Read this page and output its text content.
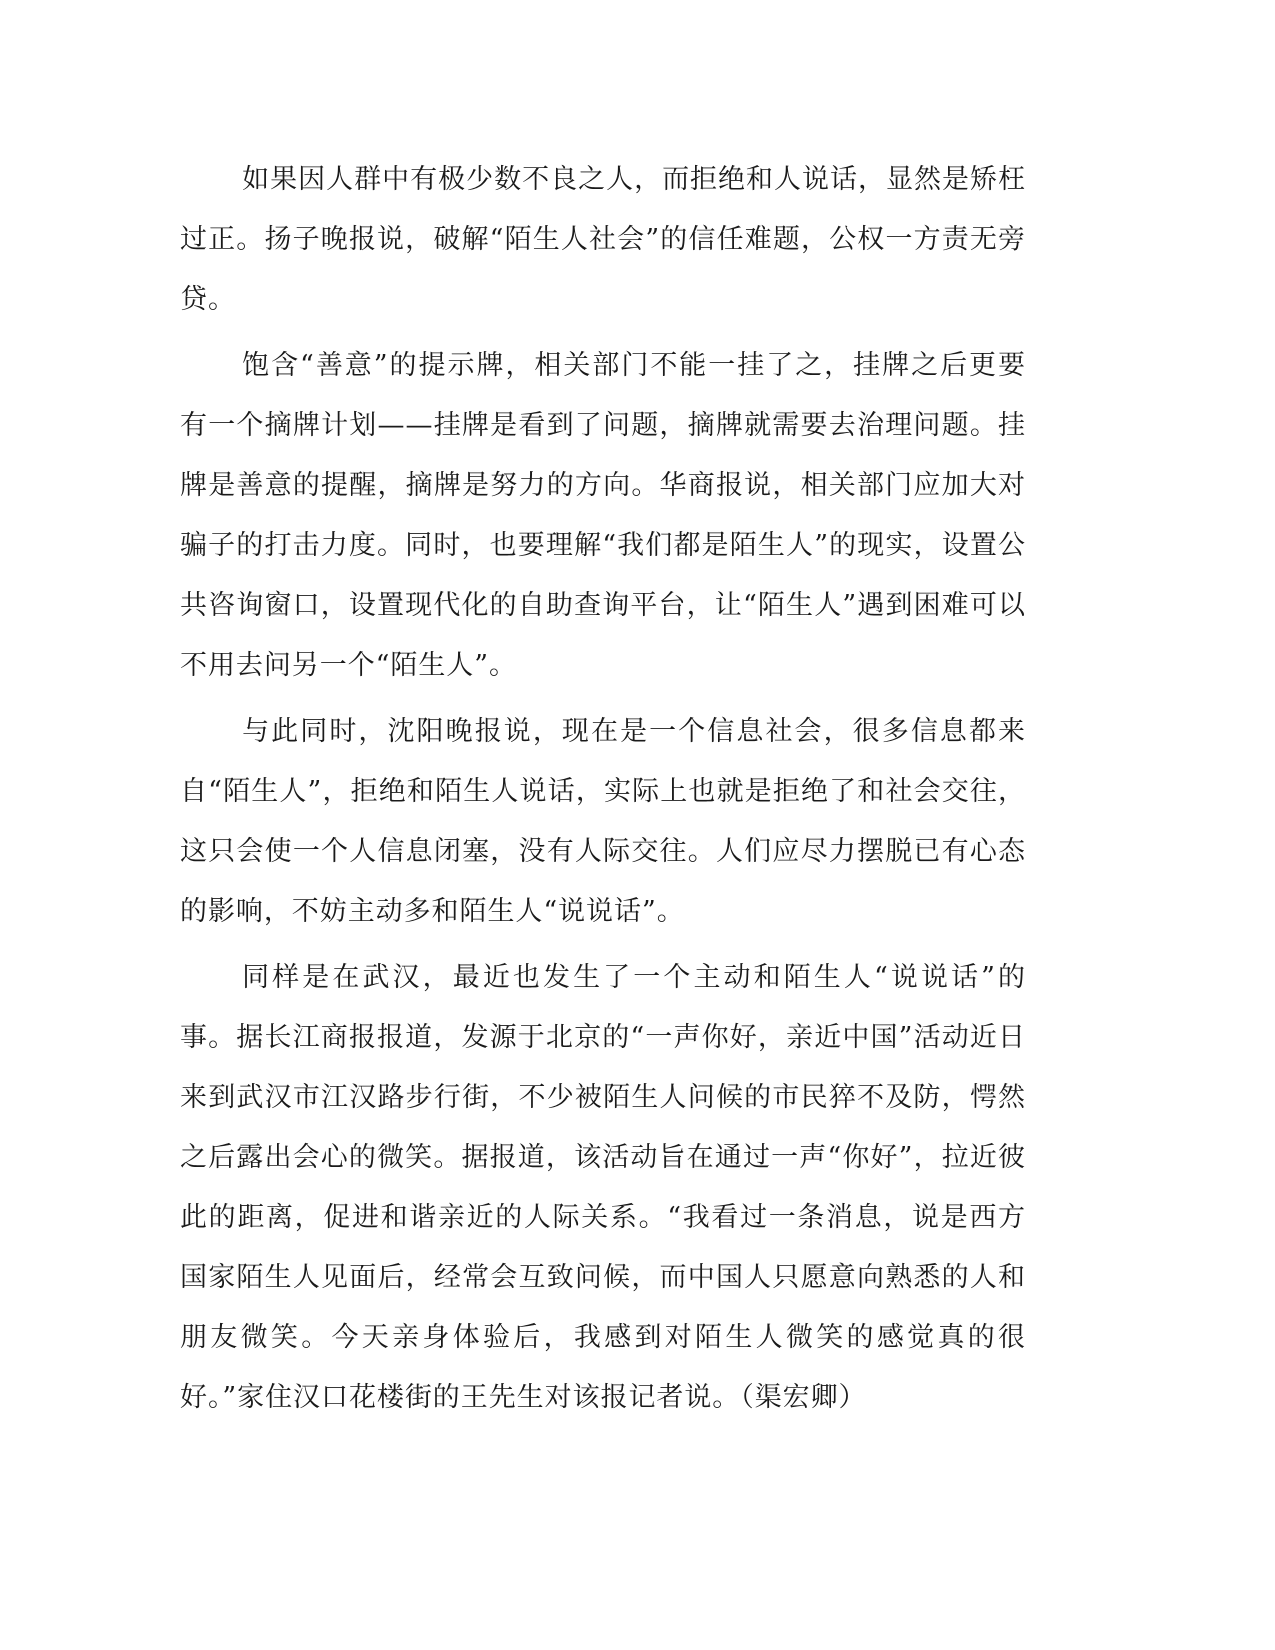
如果因人群中有极少数不良之人，而拒绝和人说话，显然是矫枉过正。扬子晚报说，破解“陌生人社会”的信任难题，公权一方责无旁贷。

饱含“善意”的提示牌，相关部门不能一挂了之，挂牌之后更要有一个摘牌计划——挂牌是看到了问题，摘牌就需要去治理问题。挂牌是善意的提醒，摘牌是努力的方向。华商报说，相关部门应加大对骗子的打击力度。同时，也要理解“我们都是陌生人”的现实，设置公共咨询窗口，设置现代化的自助查询平台，让“陌生人”遇到困难可以不用去问另一个“陌生人”。

与此同时，沈阳晚报说，现在是一个信息社会，很多信息都来自“陌生人”，拒绝和陌生人说话，实际上也就是拒绝了和社会交往，这只会使一个人信息闭塞，没有人际交往。人们应尽力摆脱已有心态的影响，不妨主动多和陌生人“说说话”。

同样是在武汉，最近也发生了一个主动和陌生人“说说话”的事。据长江商报报道，发源于北京的“一声你好，亲近中国”活动近日来到武汉市江汉路步行街，不少被陌生人问候的市民猝不及防，愕然之后露出会心的微笑。据报道，该活动旨在通过一声“你好”，拉近彼此的距离，促进和谐亲近的人际关系。“我看过一条消息，说是西方国家陌生人见面后，经常会互致问候，而中国人只愿意向熟悉的人和朋友微笑。今天亲身体验后，我感到对陌生人微笑的感觉真的很好。”家住汉口花楼街的王先生对该报记者说。（渠宏卿）
